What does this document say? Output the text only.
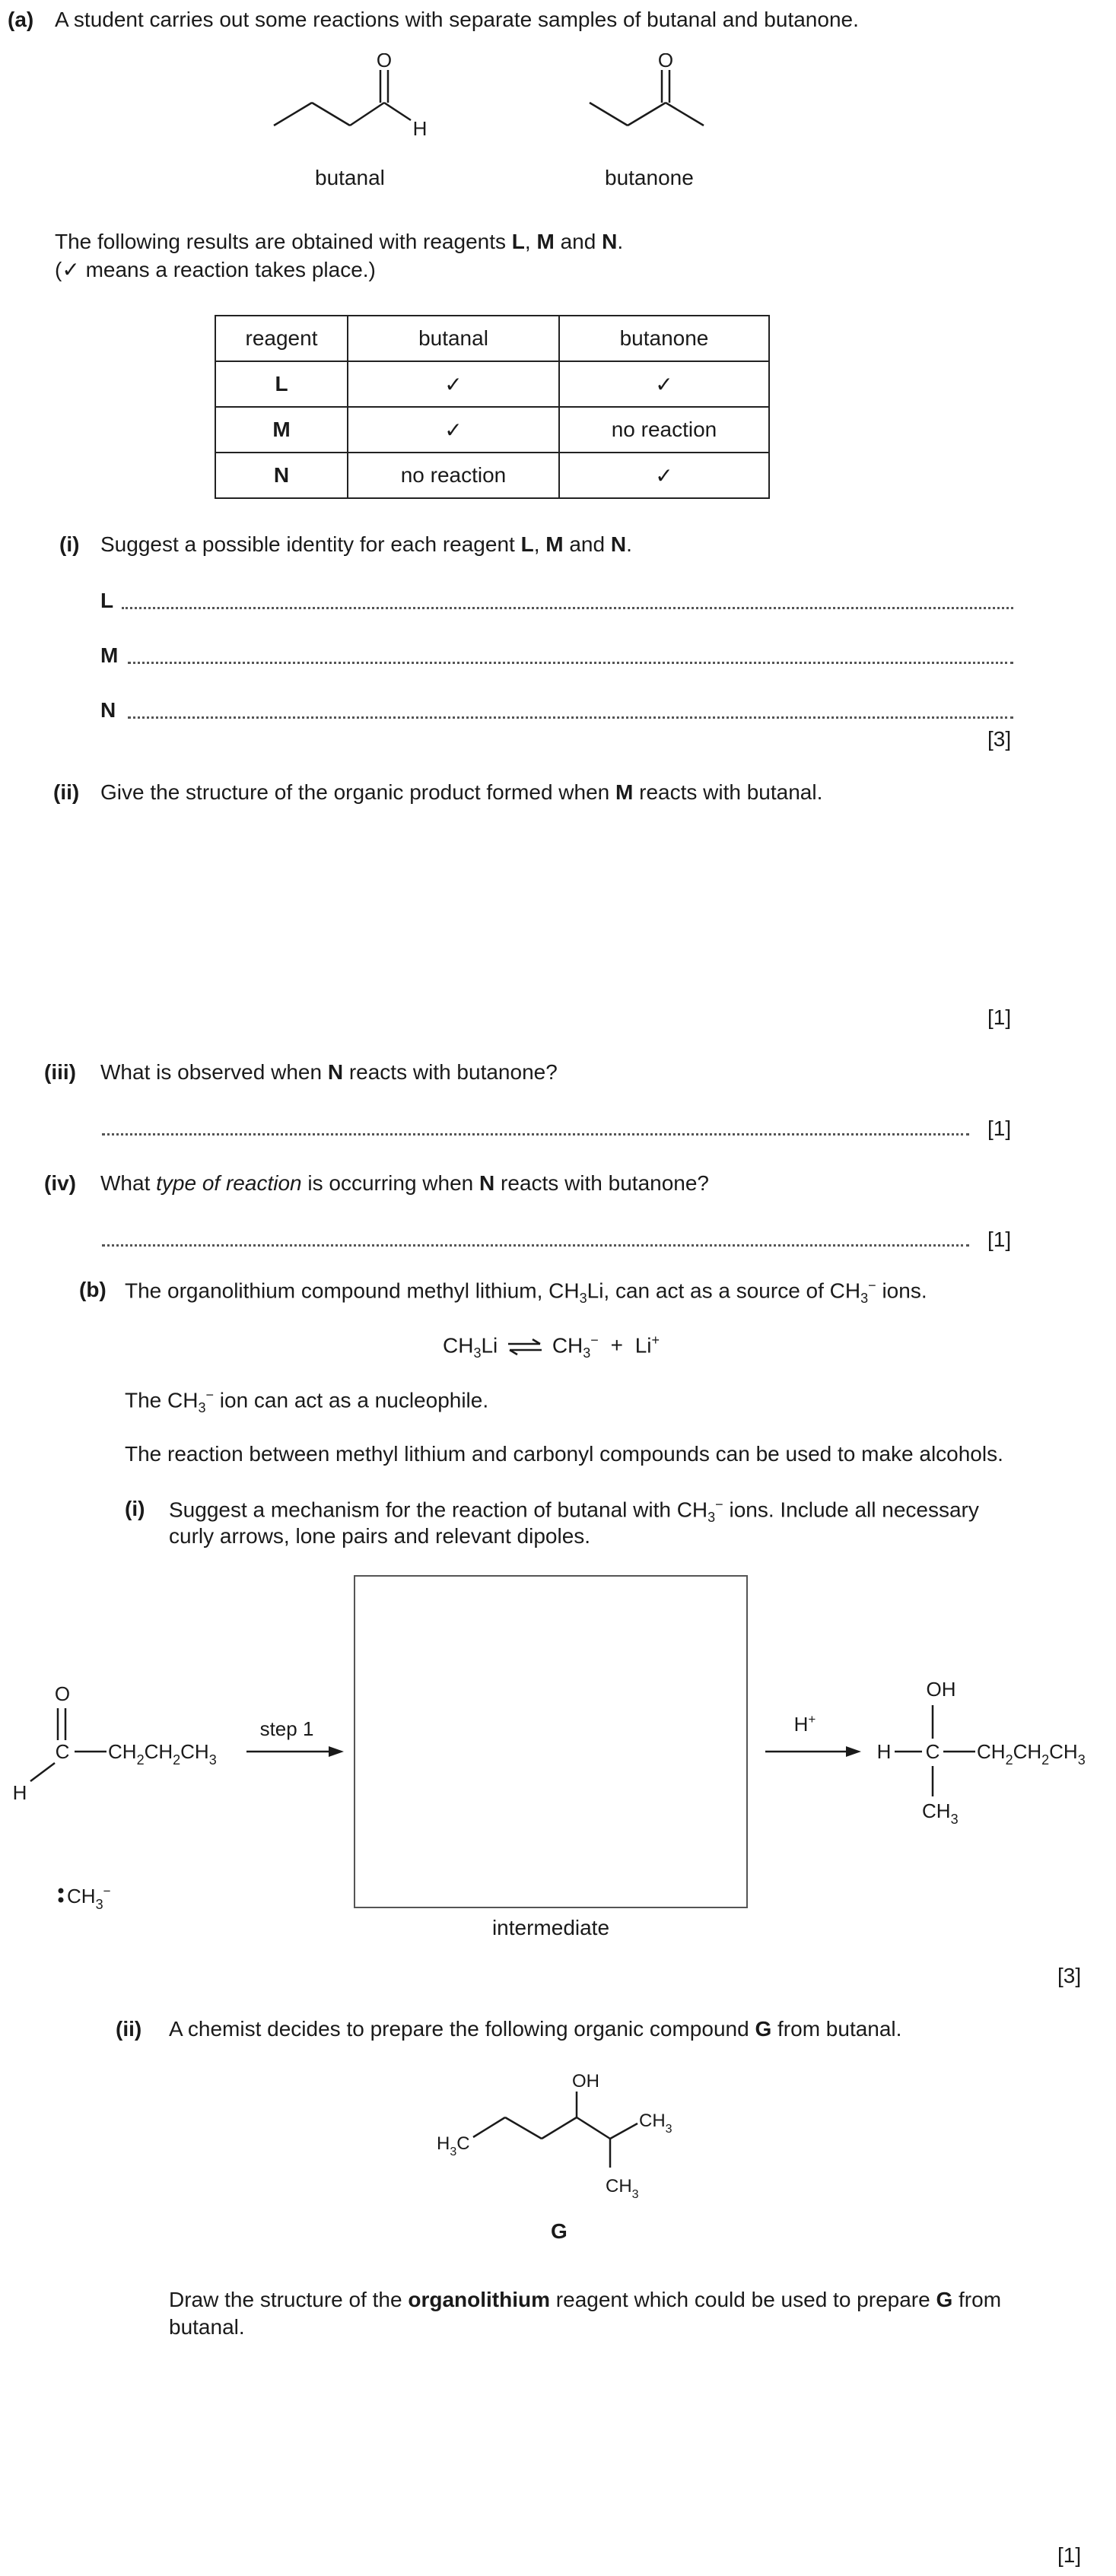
(a) A student carries out some reactions with separate samples of butanal and butanone.
O
H
O
butanal	butanone
The following results are obtained with reagents L, M and N.
(✓ means a reaction takes place.)
reagent	butanal	butanone
L	✓	✓
M	✓	no reaction
N	no reaction	✓
(i) Suggest a possible identity for each reagent L, M and N.
L
M
N
[3]
(ii) Give the structure of the organic product formed when M reacts with butanal.
[1]
(iii) What is observed when N reacts with butanone?
[1]
(iv) What type of reaction is occurring when N reacts with butanone?
[1]
(b) The organolithium compound methyl lithium, $CH_3Li$, can act as a source of $CH_3^-$ ions.
$CH_3Li$ ⇌ $CH_3^- + Li^+$
The $CH_3^-$ ion can act as a nucleophile.
The reaction between methyl lithium and carbonyl compounds can be used to make alcohols.
(i) Suggest a mechanism for the reaction of butanal with $CH_3^-$ ions. Include all necessary
curly arrows, lone pairs and relevant dipoles.
O
C $CH_2CH_2CH_3$
H
step 1
intermediate
H+
OH
H C $CH_2CH_2CH_3$
$CH_3$
$CH_3^-$
[3]
(ii) A chemist decides to prepare the following organic compound G from butanal.
$H_3C$
OH
$CH_3$
$CH_3$
G
Draw the structure of the organolithium reagent which could be used to prepare G from
butanal.
[1]
